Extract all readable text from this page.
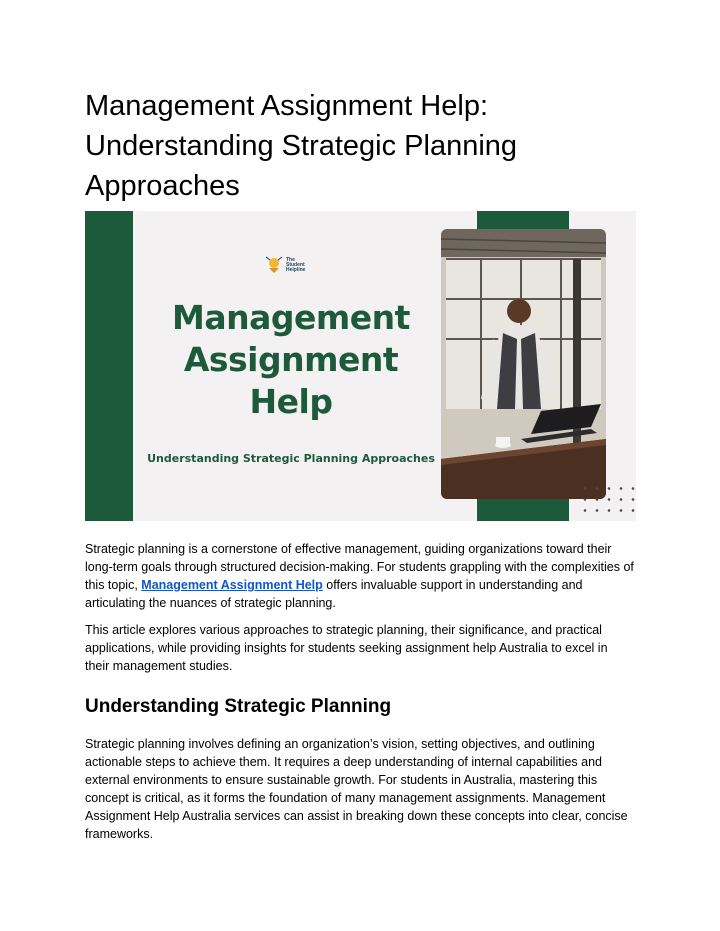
Management Assignment Help: Understanding Strategic Planning Approaches
The Student Helpline
Management
Assignment
Help
Understanding Strategic Planning Approaches

Strategic planning is a cornerstone of effective management, guiding organizations toward their long-term goals through structured decision-making. For students grappling with the complexities of this topic, Management Assignment Help offers invaluable support in understanding and articulating the nuances of strategic planning.

This article explores various approaches to strategic planning, their significance, and practical applications, while providing insights for students seeking assignment help Australia to excel in their management studies.

Understanding Strategic Planning

Strategic planning involves defining an organization’s vision, setting objectives, and outlining actionable steps to achieve them. It requires a deep understanding of internal capabilities and external environments to ensure sustainable growth. For students in Australia, mastering this concept is critical, as it forms the foundation of many management assignments. Management Assignment Help Australia services can assist in breaking down these concepts into clear, concise frameworks.
